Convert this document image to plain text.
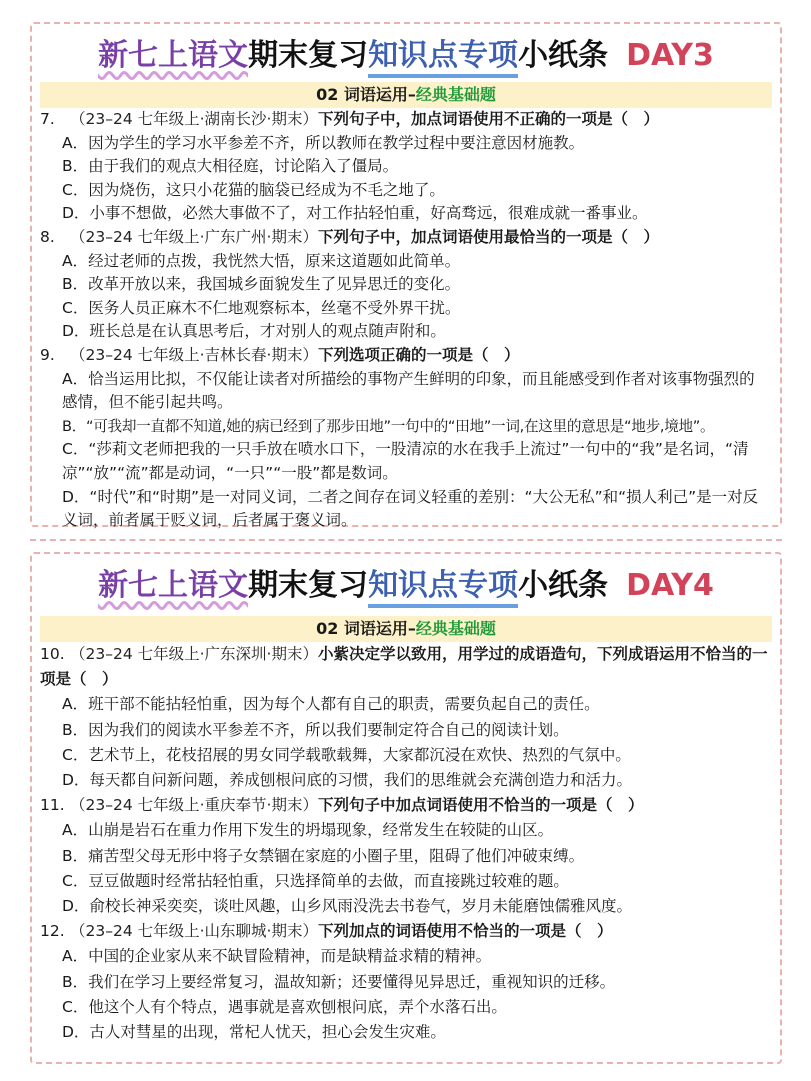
新七上语文期末复习知识点专项小纸条 DAY3
02 词语运用–经典基础题
7. （23–24 七年级上·湖南长沙·期末）下列句子中，加点词语使用不正确的一项是（　）
A．因为学生的学习水平参差不齐，所以教师在教学过程中要注意因材施教。
B．由于我们的观点大相径庭，讨论陷入了僵局。
C．因为烧伤，这只小花猫的脑袋已经成为不毛之地了。
D．小事不想做，必然大事做不了，对工作拈轻怕重，好高骛远，很难成就一番事业。
8. （23–24 七年级上·广东广州·期末）下列句子中，加点词语使用最恰当的一项是（　）
A．经过老师的点拨，我恍然大悟，原来这道题如此简单。
B．改革开放以来，我国城乡面貌发生了见异思迁的变化。
C．医务人员正麻木不仁地观察标本，丝毫不受外界干扰。
D．班长总是在认真思考后，才对别人的观点随声附和。
9. （23–24 七年级上·吉林长春·期末）下列选项正确的一项是（　）
A．恰当运用比拟，不仅能让读者对所描绘的事物产生鲜明的印象，而且能感受到作者对该事物强烈的感情，但不能引起共鸣。
B．“可我却一直都不知道,她的病已经到了那步田地”一句中的“田地”一词,在这里的意思是“地步,境地”。
C．“莎莉文老师把我的一只手放在喷水口下，一股清凉的水在我手上流过”一句中的“我”是名词，“清凉”“放”“流”都是动词，“一只”“一股”都是数词。
D．“时代”和“时期”是一对同义词，二者之间存在词义轻重的差别：“大公无私”和“损人利己”是一对反义词，前者属于贬义词，后者属于褒义词。
新七上语文期末复习知识点专项小纸条 DAY4
02 词语运用–经典基础题
10. （23–24 七年级上·广东深圳·期末）小紫决定学以致用，用学过的成语造句，下列成语运用不恰当的一项是（　）
A．班干部不能拈轻怕重，因为每个人都有自己的职责，需要负起自己的责任。
B．因为我们的阅读水平参差不齐，所以我们要制定符合自己的阅读计划。
C．艺术节上，花枝招展的男女同学载歌载舞，大家都沉浸在欢快、热烈的气氛中。
D．每天都自问新问题，养成刨根问底的习惯，我们的思维就会充满创造力和活力。
11. （23–24 七年级上·重庆奉节·期末）下列句子中加点词语使用不恰当的一项是（　）
A．山崩是岩石在重力作用下发生的坍塌现象，经常发生在较陡的山区。
B．痛苦型父母无形中将子女禁锢在家庭的小圈子里，阻碍了他们冲破束缚。
C．豆豆做题时经常拈轻怕重，只选择简单的去做，而直接跳过较难的题。
D．俞校长神采奕奕，谈吐风趣，山乡风雨没洗去书卷气，岁月未能磨蚀儒雅风度。
12. （23–24 七年级上·山东聊城·期末）下列加点的词语使用不恰当的一项是（　）
A．中国的企业家从来不缺冒险精神，而是缺精益求精的精神。
B．我们在学习上要经常复习，温故知新；还要懂得见异思迁，重视知识的迁移。
C．他这个人有个特点，遇事就是喜欢刨根问底，弄个水落石出。
D．古人对彗星的出现，常杞人忧天，担心会发生灾难。
